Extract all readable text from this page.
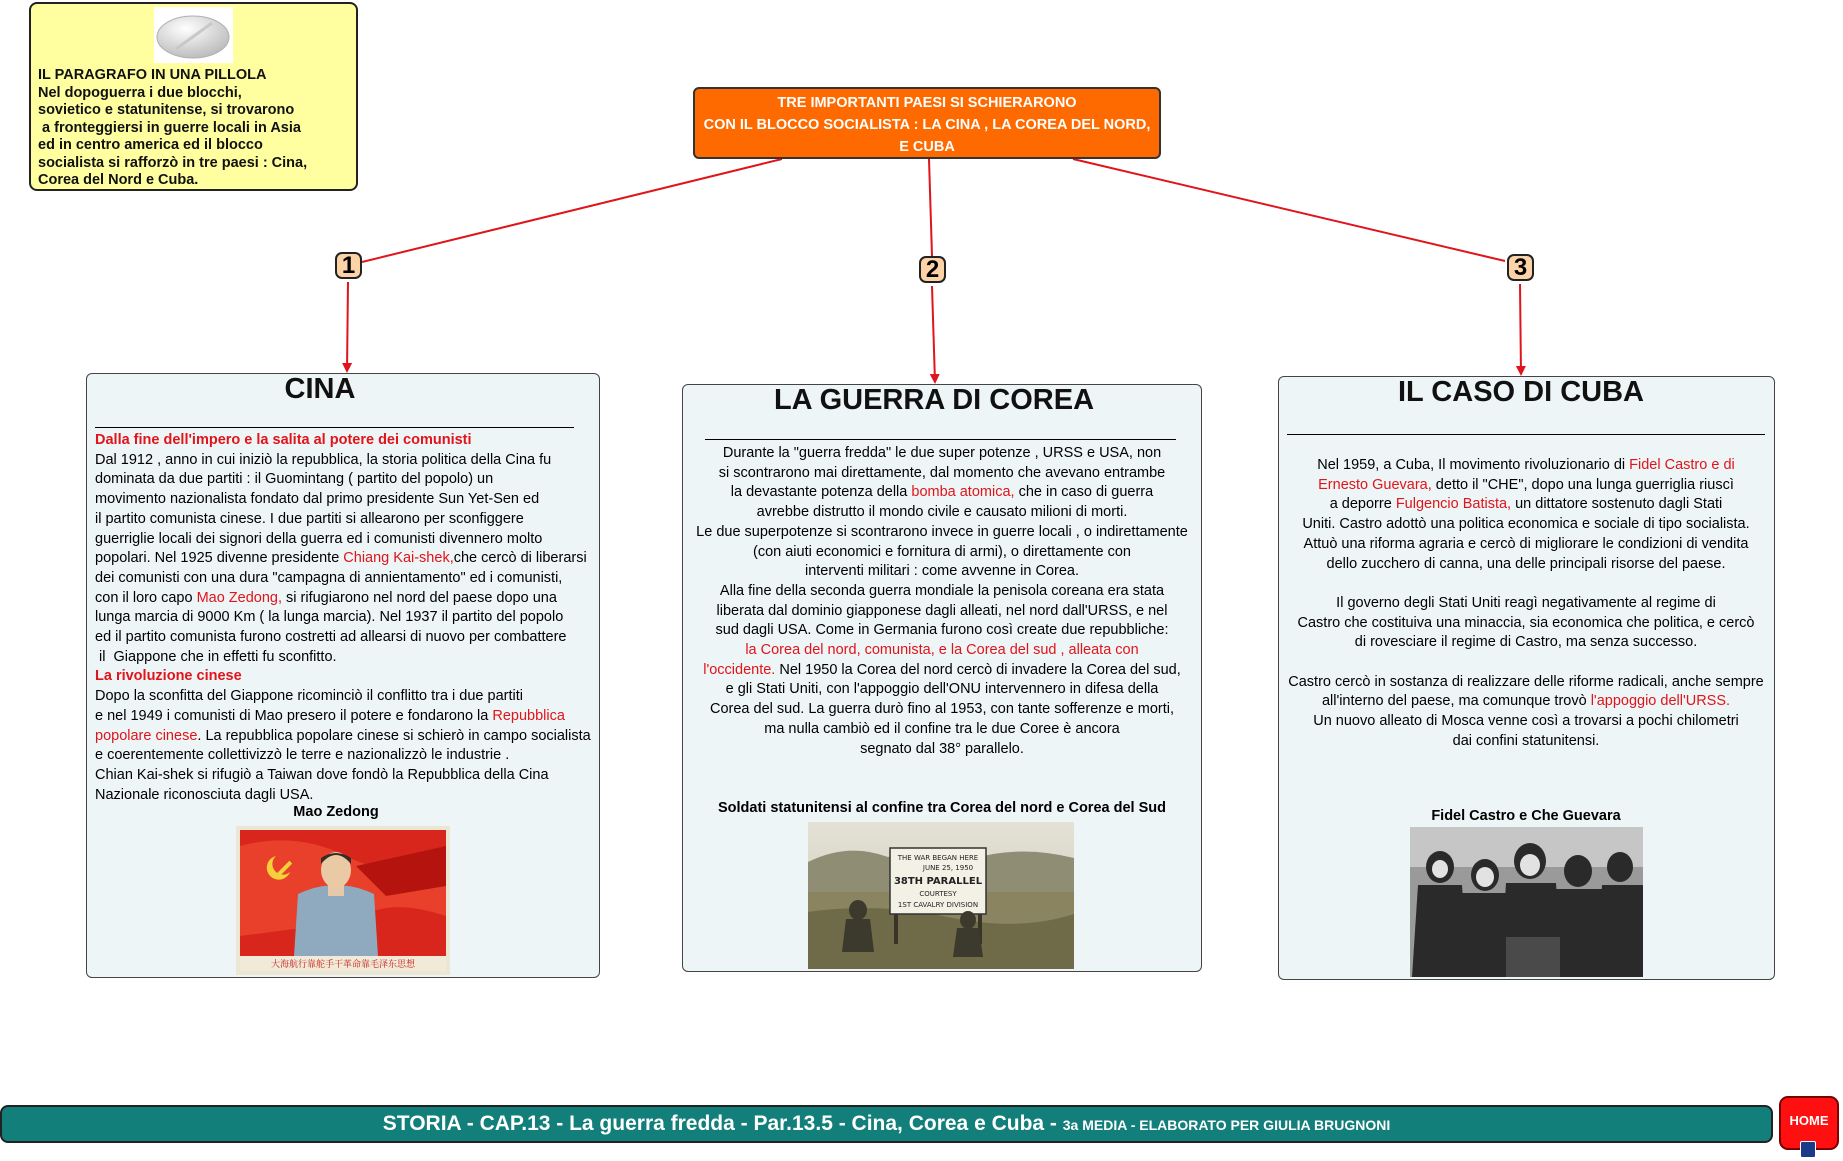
IL PARAGRAFO IN UNA PILLOLA
Nel dopoguerra i due blocchi,
sovietico e statunitense, si trovarono
a fronteggiersi in guerre locali in Asia
ed in centro america ed il blocco
socialista si rafforzò in tre paesi : Cina,
Corea del Nord e Cuba.

TRE IMPORTANTI PAESI SI SCHIERARONO
CON IL BLOCCO SOCIALISTA : LA CINA , LA COREA DEL NORD,
E CUBA
1	2	3
CINA

Dalla fine dell'impero e la salita al potere dei comunisti
Dal 1912 , anno in cui iniziò la repubblica, la storia politica della Cina fu
dominata da due partiti : il Guomintang ( partito del popolo) un
movimento nazionalista fondato dal primo presidente Sun Yet-Sen ed
il partito comunista cinese. I due partiti si allearono per sconfiggere
guerriglie locali dei signori della guerra ed i comunisti divennero molto
popolari. Nel 1925 divenne presidente Chiang Kai-shek,che cercò di liberarsi
dei comunisti con una dura "campagna di annientamento" ed i comunisti,
con il loro capo Mao Zedong, si rifugiarono nel nord del paese dopo una
lunga marcia di 9000 Km ( la lunga marcia). Nel 1937 il partito del popolo
ed il partito comunista furono costretti ad allearsi di nuovo per combattere
il  Giappone che in effetti fu sconfitto.
La rivoluzione cinese
Dopo la sconfitta del Giappone ricominciò il conflitto tra i due partiti
e nel 1949 i comunisti di Mao presero il potere e fondarono la Repubblica
popolare cinese. La repubblica popolare cinese si schierò in campo socialista
e coerentemente collettivizzò le terre e nazionalizzò le industrie .
Chian Kai-shek si rifugiò a Taiwan dove fondò la Repubblica della Cina
Nazionale riconosciuta dagli USA.

Mao Zedong
大海航行靠舵手干革命靠毛泽东思想
LA GUERRA DI COREA

Durante la "guerra fredda" le due super potenze , URSS e USA, non
si scontrarono mai direttamente, dal momento che avevano entrambe
la devastante potenza della bomba atomica, che in caso di guerra
avrebbe distrutto il mondo civile e causato milioni di morti.
Le due superpotenze si scontrarono invece in guerre locali , o indirettamente
(con aiuti economici e fornitura di armi), o direttamente con
interventi militari : come avvenne in Corea.
Alla fine della seconda guerra mondiale la penisola coreana era stata
liberata dal dominio giapponese dagli alleati, nel nord dall'URSS, e nel
sud dagli USA. Come in Germania furono così create due repubbliche:
la Corea del nord, comunista, e la Corea del sud , alleata con
l'occidente. Nel 1950 la Corea del nord cercò di invadere la Corea del sud,
e gli Stati Uniti, con l'appoggio dell'ONU intervennero in difesa della
Corea del sud. La guerra durò fino al 1953, con tante sofferenze e morti,
ma nulla cambiò ed il confine tra le due Coree è ancora
segnato dal 38° parallelo.

Soldati statunitensi al confine tra Corea del nord e Corea del Sud
THE WAR BEGAN HERE
JUNE 25, 1950
38TH PARALLEL
COURTESY
1ST CAVALRY DIVISION
IL CASO DI CUBA

Nel 1959, a Cuba, Il movimento rivoluzionario di Fidel Castro e di
Ernesto Guevara, detto il "CHE", dopo una lunga guerriglia riuscì
a deporre Fulgencio Batista, un dittatore sostenuto dagli Stati
Uniti. Castro adottò una politica economica e sociale di tipo socialista.
Attuò una riforma agraria e cercò di migliorare le condizioni di vendita
dello zucchero di canna, una delle principali risorse del paese.

Il governo degli Stati Uniti reagì negativamente al regime di
Castro che costituiva una minaccia, sia economica che politica, e cercò
di rovesciare il regime di Castro, ma senza successo.

Castro cercò in sostanza di realizzare delle riforme radicali, anche sempre
all'interno del paese, ma comunque trovò l'appoggio dell'URSS.
Un nuovo alleato di Mosca venne così a trovarsi a pochi chilometri
dai confini statunitensi.

Fidel Castro e Che Guevara
STORIA - CAP.13 - La guerra fredda - Par.13.5 - Cina, Corea e Cuba - 3a MEDIA - ELABORATO PER GIULIA BRUGNONI	HOME
